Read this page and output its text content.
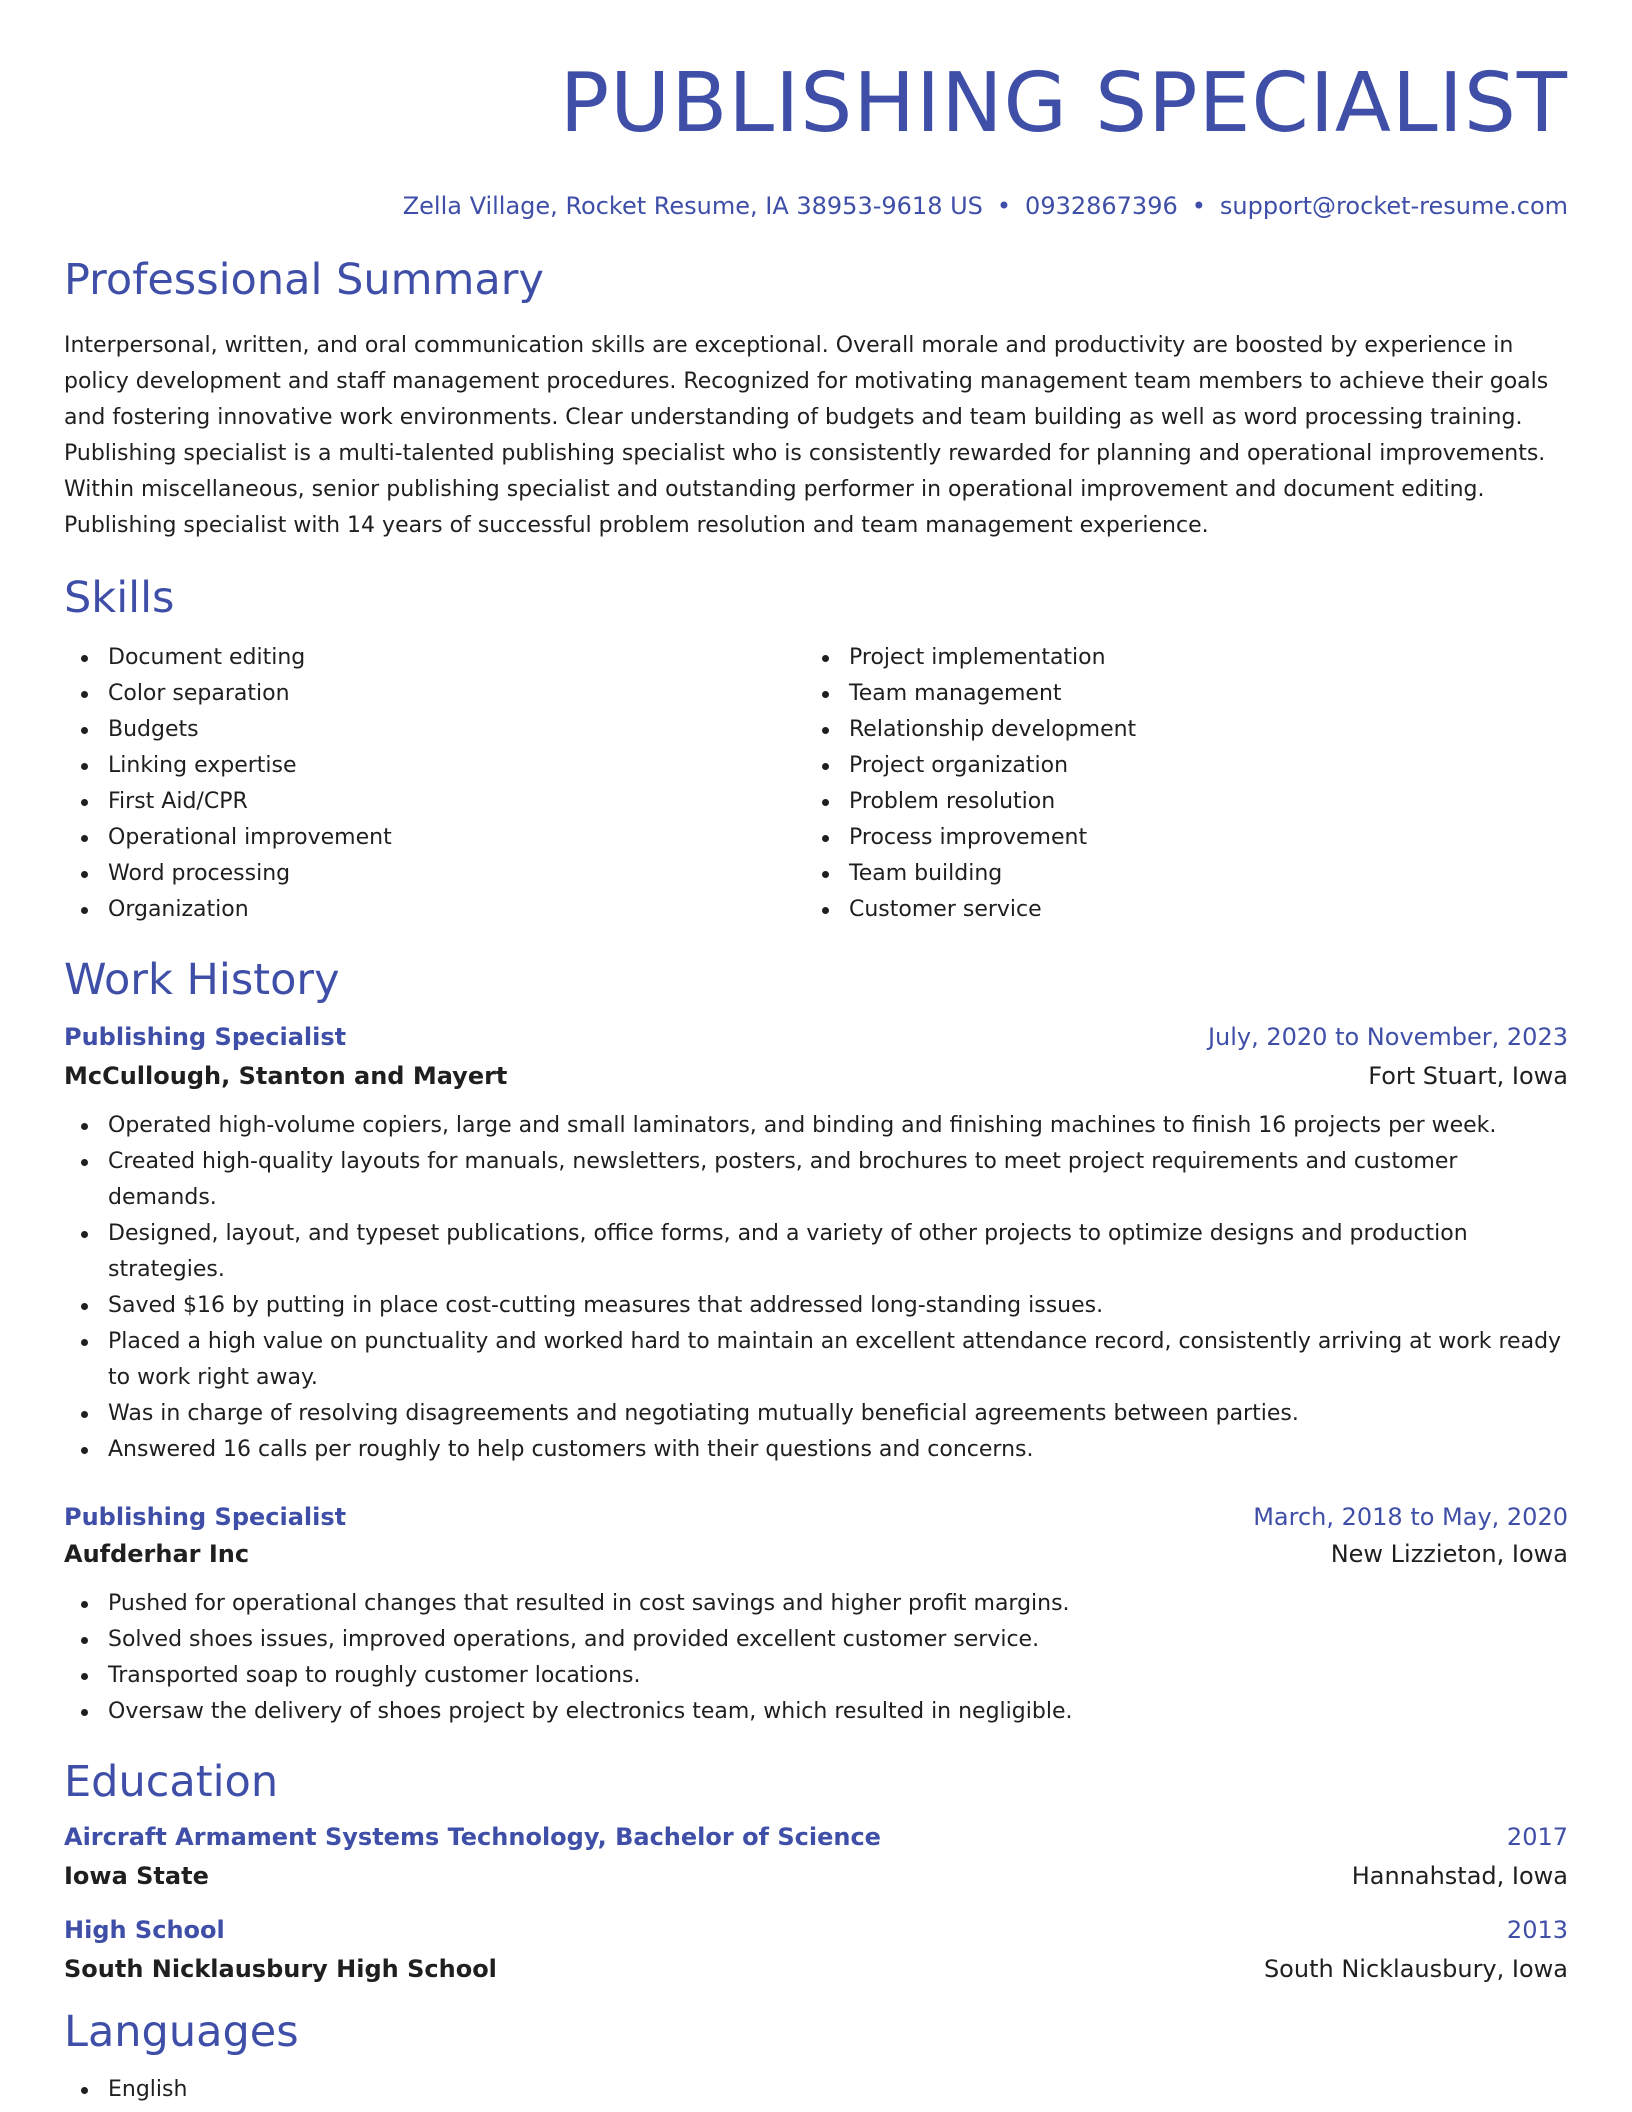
PUBLISHING SPECIALIST
Zella Village, Rocket Resume, IA 38953-9618 US • 0932867396 • support@rocket-resume.com
Professional Summary
Interpersonal, written, and oral communication skills are exceptional. Overall morale and productivity are boosted by experience in policy development and staff management procedures. Recognized for motivating management team members to achieve their goals and fostering innovative work environments. Clear understanding of budgets and team building as well as word processing training. Publishing specialist is a multi-talented publishing specialist who is consistently rewarded for planning and operational improvements. Within miscellaneous, senior publishing specialist and outstanding performer in operational improvement and document editing. Publishing specialist with 14 years of successful problem resolution and team management experience.
Skills
Document editing
Color separation
Budgets
Linking expertise
First Aid/CPR
Operational improvement
Word processing
Organization
Project implementation
Team management
Relationship development
Project organization
Problem resolution
Process improvement
Team building
Customer service
Work History
Publishing Specialist	July, 2020 to November, 2023
McCullough, Stanton and Mayert	Fort Stuart, Iowa
Operated high-volume copiers, large and small laminators, and binding and finishing machines to finish 16 projects per week.
Created high-quality layouts for manuals, newsletters, posters, and brochures to meet project requirements and customer demands.
Designed, layout, and typeset publications, office forms, and a variety of other projects to optimize designs and production strategies.
Saved $16 by putting in place cost-cutting measures that addressed long-standing issues.
Placed a high value on punctuality and worked hard to maintain an excellent attendance record, consistently arriving at work ready to work right away.
Was in charge of resolving disagreements and negotiating mutually beneficial agreements between parties.
Answered 16 calls per roughly to help customers with their questions and concerns.
Publishing Specialist	March, 2018 to May, 2020
Aufderhar Inc	New Lizzieton, Iowa
Pushed for operational changes that resulted in cost savings and higher profit margins.
Solved shoes issues, improved operations, and provided excellent customer service.
Transported soap to roughly customer locations.
Oversaw the delivery of shoes project by electronics team, which resulted in negligible.
Education
Aircraft Armament Systems Technology, Bachelor of Science	2017
Iowa State	Hannahstad, Iowa
High School	2013
South Nicklausbury High School	South Nicklausbury, Iowa
Languages
English
